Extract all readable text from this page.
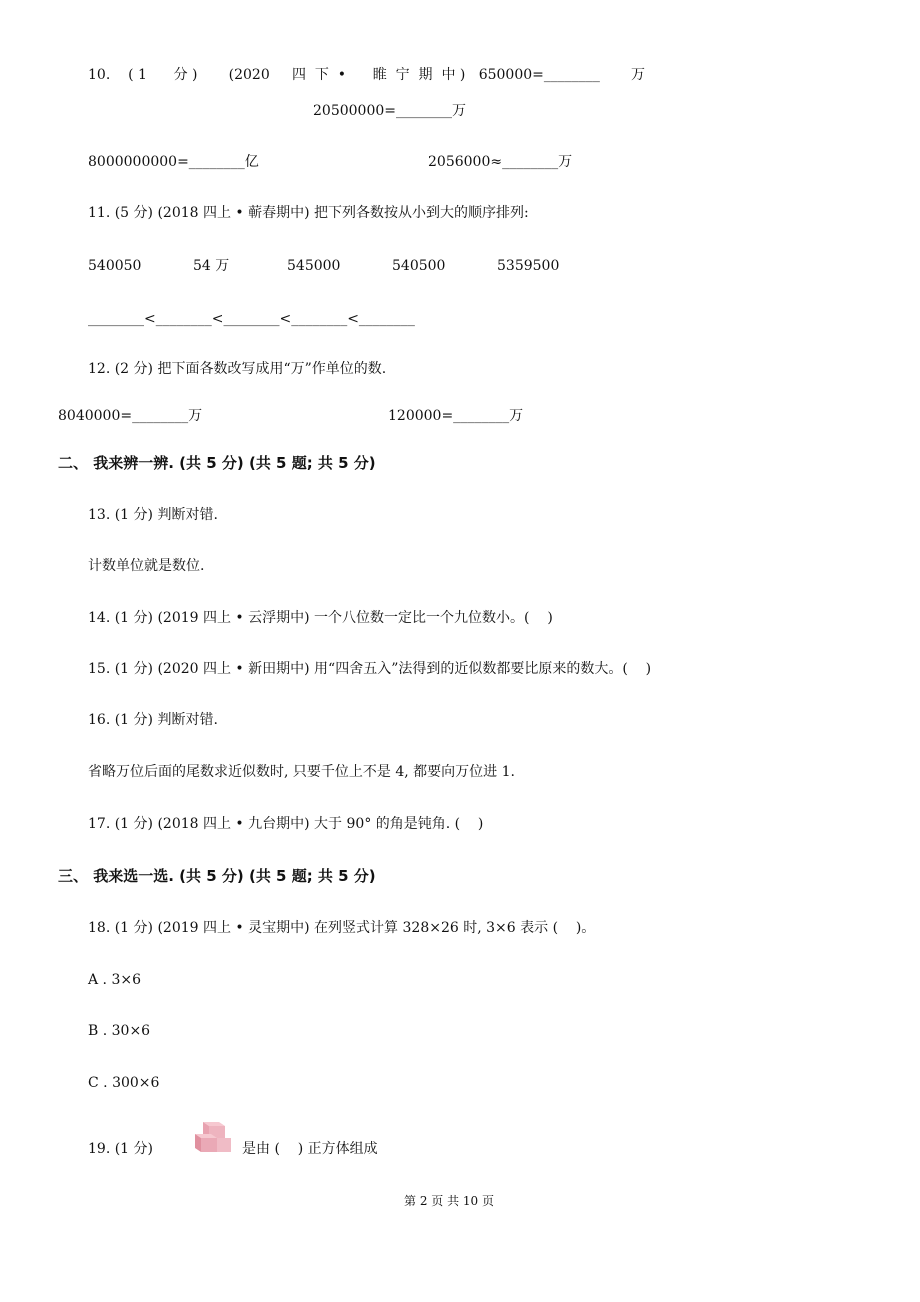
10.    ( 1      分 )       (2020     四  下  •      睢  宁  期  中 )   650000=________       万
20500000=________万
8000000000=________亿	2056000≈________万
11. (5 分) (2018 四上 • 蕲春期中) 把下列各数按从小到大的顺序排列:
540050	54 万	545000	540500	5359500
________<________<________<________<________
12. (2 分) 把下面各数改写成用“万”作单位的数.
8040000=________万	120000=________万
二、 我来辨一辨. (共 5 分) (共 5 题; 共 5 分)
13. (1 分) 判断对错.
计数单位就是数位.
14. (1 分) (2019 四上 • 云浮期中) 一个八位数一定比一个九位数小。(    )
15. (1 分) (2020 四上 • 新田期中) 用“四舍五入”法得到的近似数都要比原来的数大。(    )
16. (1 分) 判断对错.
省略万位后面的尾数求近似数时, 只要千位上不是 4, 都要向万位进 1.
17. (1 分) (2018 四上 • 九台期中) 大于 90° 的角是钝角. (    )
三、 我来选一选. (共 5 分) (共 5 题; 共 5 分)
18. (1 分) (2019 四上 • 灵宝期中) 在列竖式计算 328×26 时, 3×6 表示 (    )。
A . 3×6
B . 30×6
C . 300×6
19. (1 分)	是由 (    ) 正方体组成
第 2 页 共 10 页
